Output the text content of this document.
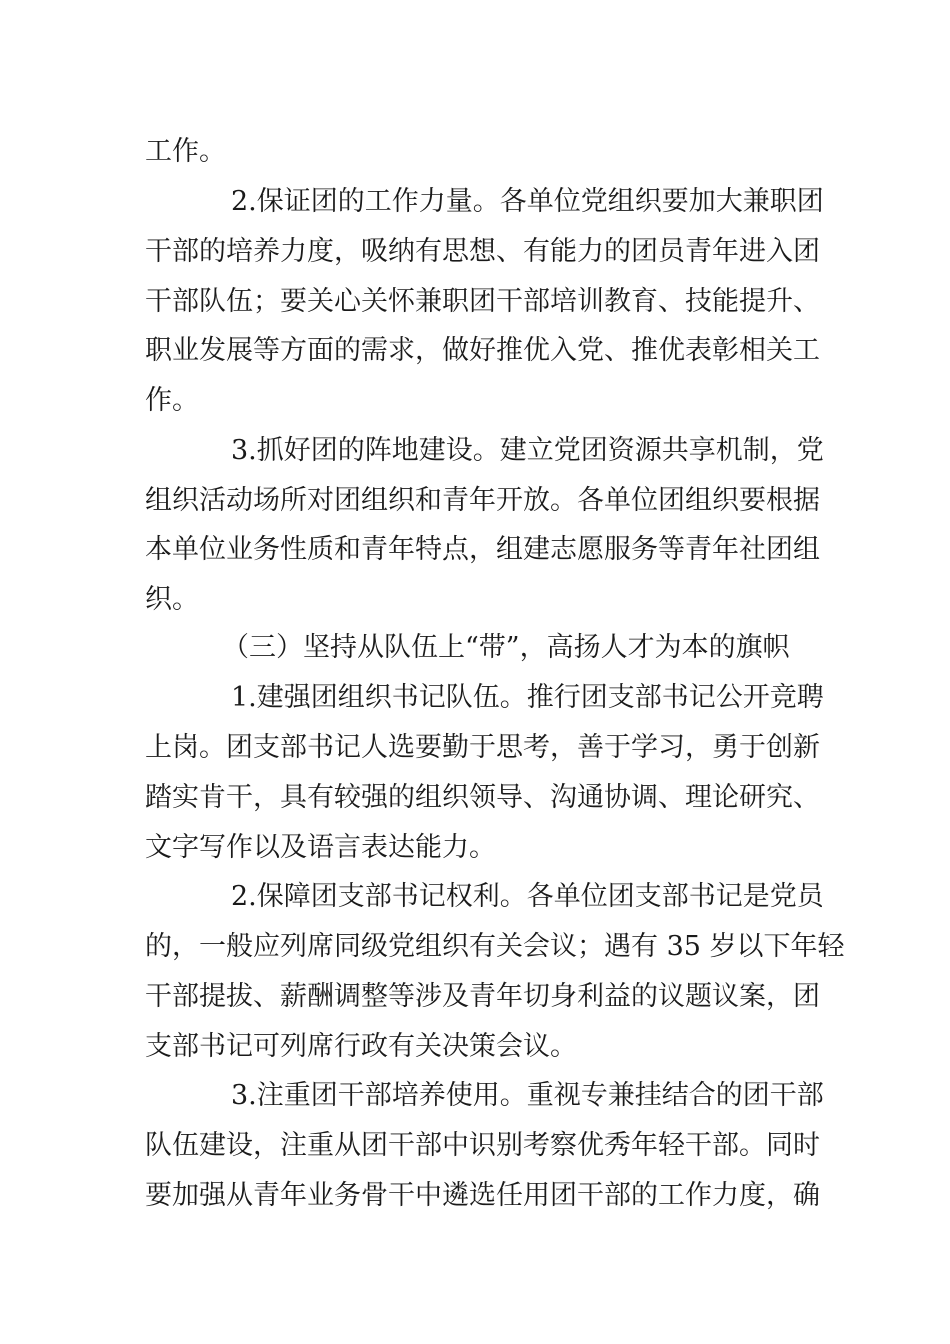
工作。
2.保证团的工作力量。各单位党组织要加大兼职团
干部的培养力度，吸纳有思想、有能力的团员青年进入团
干部队伍；要关心关怀兼职团干部培训教育、技能提升、
职业发展等方面的需求，做好推优入党、推优表彰相关工
作。
3.抓好团的阵地建设。建立党团资源共享机制，党
组织活动场所对团组织和青年开放。各单位团组织要根据
本单位业务性质和青年特点，组建志愿服务等青年社团组
织。
（三）坚持从队伍上“带”，高扬人才为本的旗帜
1.建强团组织书记队伍。推行团支部书记公开竞聘
上岗。团支部书记人选要勤于思考，善于学习，勇于创新
踏实肯干，具有较强的组织领导、沟通协调、理论研究、
文字写作以及语言表达能力。
2.保障团支部书记权利。各单位团支部书记是党员
的，一般应列席同级党组织有关会议；遇有 35 岁以下年轻
干部提拔、薪酬调整等涉及青年切身利益的议题议案，团
支部书记可列席行政有关决策会议。
3.注重团干部培养使用。重视专兼挂结合的团干部
队伍建设，注重从团干部中识别考察优秀年轻干部。同时
要加强从青年业务骨干中遴选任用团干部的工作力度，确
